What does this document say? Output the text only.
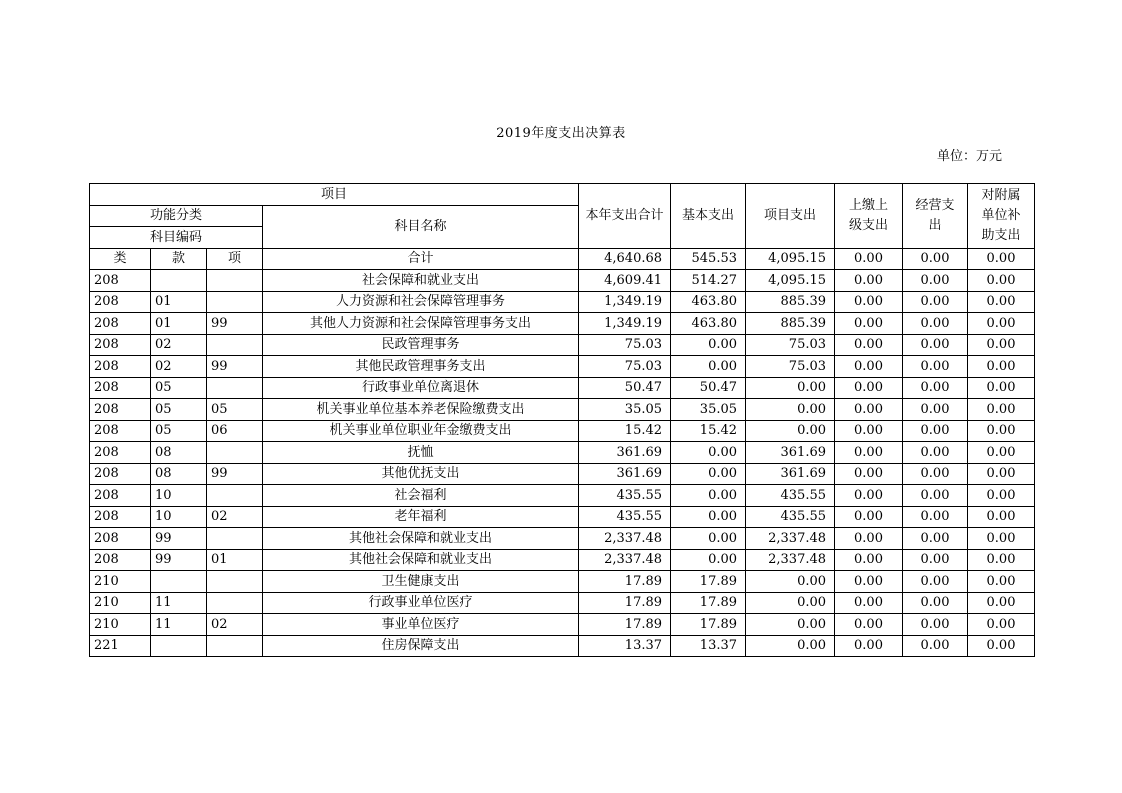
2019年度支出决算表
单位：万元
项目				本年支出合计	基本支出	项目支出	上缴上级支出	经营支出	对附属单位补助支出
功能分类			科目名称						
科目编码									
类	款	项	合计	4,640.68	545.53	4,095.15	0.00	0.00	0.00
208			社会保障和就业支出	4,609.41	514.27	4,095.15	0.00	0.00	0.00
208	01		人力资源和社会保障管理事务	1,349.19	463.80	885.39	0.00	0.00	0.00
208	01	99	其他人力资源和社会保障管理事务支出	1,349.19	463.80	885.39	0.00	0.00	0.00
208	02		民政管理事务	75.03	0.00	75.03	0.00	0.00	0.00
208	02	99	其他民政管理事务支出	75.03	0.00	75.03	0.00	0.00	0.00
208	05		行政事业单位离退休	50.47	50.47	0.00	0.00	0.00	0.00
208	05	05	机关事业单位基本养老保险缴费支出	35.05	35.05	0.00	0.00	0.00	0.00
208	05	06	机关事业单位职业年金缴费支出	15.42	15.42	0.00	0.00	0.00	0.00
208	08		抚恤	361.69	0.00	361.69	0.00	0.00	0.00
208	08	99	其他优抚支出	361.69	0.00	361.69	0.00	0.00	0.00
208	10		社会福利	435.55	0.00	435.55	0.00	0.00	0.00
208	10	02	老年福利	435.55	0.00	435.55	0.00	0.00	0.00
208	99		其他社会保障和就业支出	2,337.48	0.00	2,337.48	0.00	0.00	0.00
208	99	01	其他社会保障和就业支出	2,337.48	0.00	2,337.48	0.00	0.00	0.00
210			卫生健康支出	17.89	17.89	0.00	0.00	0.00	0.00
210	11		行政事业单位医疗	17.89	17.89	0.00	0.00	0.00	0.00
210	11	02	事业单位医疗	17.89	17.89	0.00	0.00	0.00	0.00
221			住房保障支出	13.37	13.37	0.00	0.00	0.00	0.00
